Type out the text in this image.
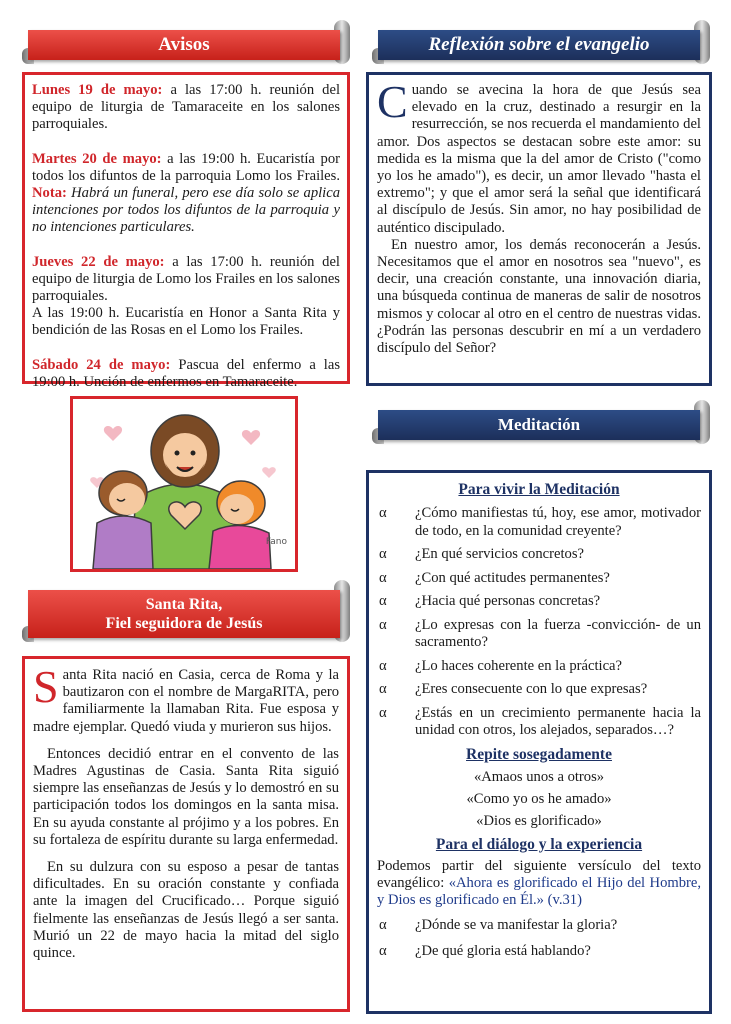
Avisos

Lunes 19 de mayo: a las 17:00 h. reunión del equipo de liturgia de Tamaraceite en los salones parroquiales.

Martes 20 de mayo: a las 19:00 h. Eucaristía por todos los difuntos de la parroquia Lomo los Frailes. Nota: Habrá un funeral, pero ese día solo se aplica intenciones por todos los difuntos de la parroquia y no intenciones particulares.

Jueves 22 de mayo: a las 17:00 h. reunión del equipo de liturgia de Lomo los Frailes en los salones parroquiales.

A las 19:00 h. Eucaristía en Honor a Santa Rita y bendición de las Rosas en el Lomo los Frailes.

Sábado 24 de mayo: Pascua del enfermo a las 19:00 h. Unción de enfermos en Tamaraceite.

Fano
Santa Rita,
Fiel seguidora de Jesús

Santa Rita nació en Casia, cerca de Roma y la bautizaron con el nombre de MargaRITA, pero familiarmente la llamaban Rita. Fue esposa y madre ejemplar. Quedó viuda y murieron sus hijos.

Entonces decidió entrar en el convento de las Madres Agustinas de Casia. Santa Rita siguió siempre las enseñanzas de Jesús y lo demostró en su participación todos los domingos en la santa misa. En su ayuda constante al prójimo y a los pobres. En su fortaleza de espíritu durante su larga enfermedad.

En su dulzura con su esposo a pesar de tantas dificultades. En su oración constante y confiada ante la imagen del Crucificado… Porque siguió fielmente las enseñanzas de Jesús llegó a ser santa. Murió un 22 de mayo hacia la mitad del siglo quince.

Reflexión sobre el evangelio

Cuando se avecina la hora de que Jesús sea elevado en la cruz, destinado a resurgir en la resurrección, se nos recuerda el mandamiento del amor. Dos aspectos se destacan sobre este amor: su medida es la misma que la del amor de Cristo ("como yo los he amado"), es decir, un amor llevado "hasta el extremo"; y que el amor será la señal que identificará al discípulo de Jesús. Sin amor, no hay posibilidad de auténtico discipulado.

En nuestro amor, los demás reconocerán a Jesús. Necesitamos que el amor en nosotros sea "nuevo", es decir, una creación constante, una innovación diaria, una búsqueda continua de maneras de salir de nosotros mismos y colocar al otro en el centro de nuestras vidas. ¿Podrán las personas descubrir en mí a un verdadero discípulo del Señor?

Meditación
Para vivir la Meditación
α	¿Cómo manifiestas tú, hoy, ese amor, motivador de todo, en la comunidad creyente?
α	¿En qué servicios concretos?
α	¿Con qué actitudes permanentes?
α	¿Hacia qué personas concretas?
α	¿Lo expresas con la fuerza -convicción- de un sacramento?
α	¿Lo haces coherente en la práctica?
α	¿Eres consecuente con lo que expresas?
α	¿Estás en un crecimiento permanente hacia la unidad con otros, los alejados, separados…?
Repite sosegadamente
«Amaos unos a otros»
«Como yo os he amado»
«Dios es glorificado»
Para el diálogo y la experiencia

Podemos partir del siguiente versículo del texto evangélico: «Ahora es glorificado el Hijo del Hombre, y Dios es glorificado en Él.» (v.31)

α	¿Dónde se va manifestar la gloria?
α	¿De qué gloria está hablando?
